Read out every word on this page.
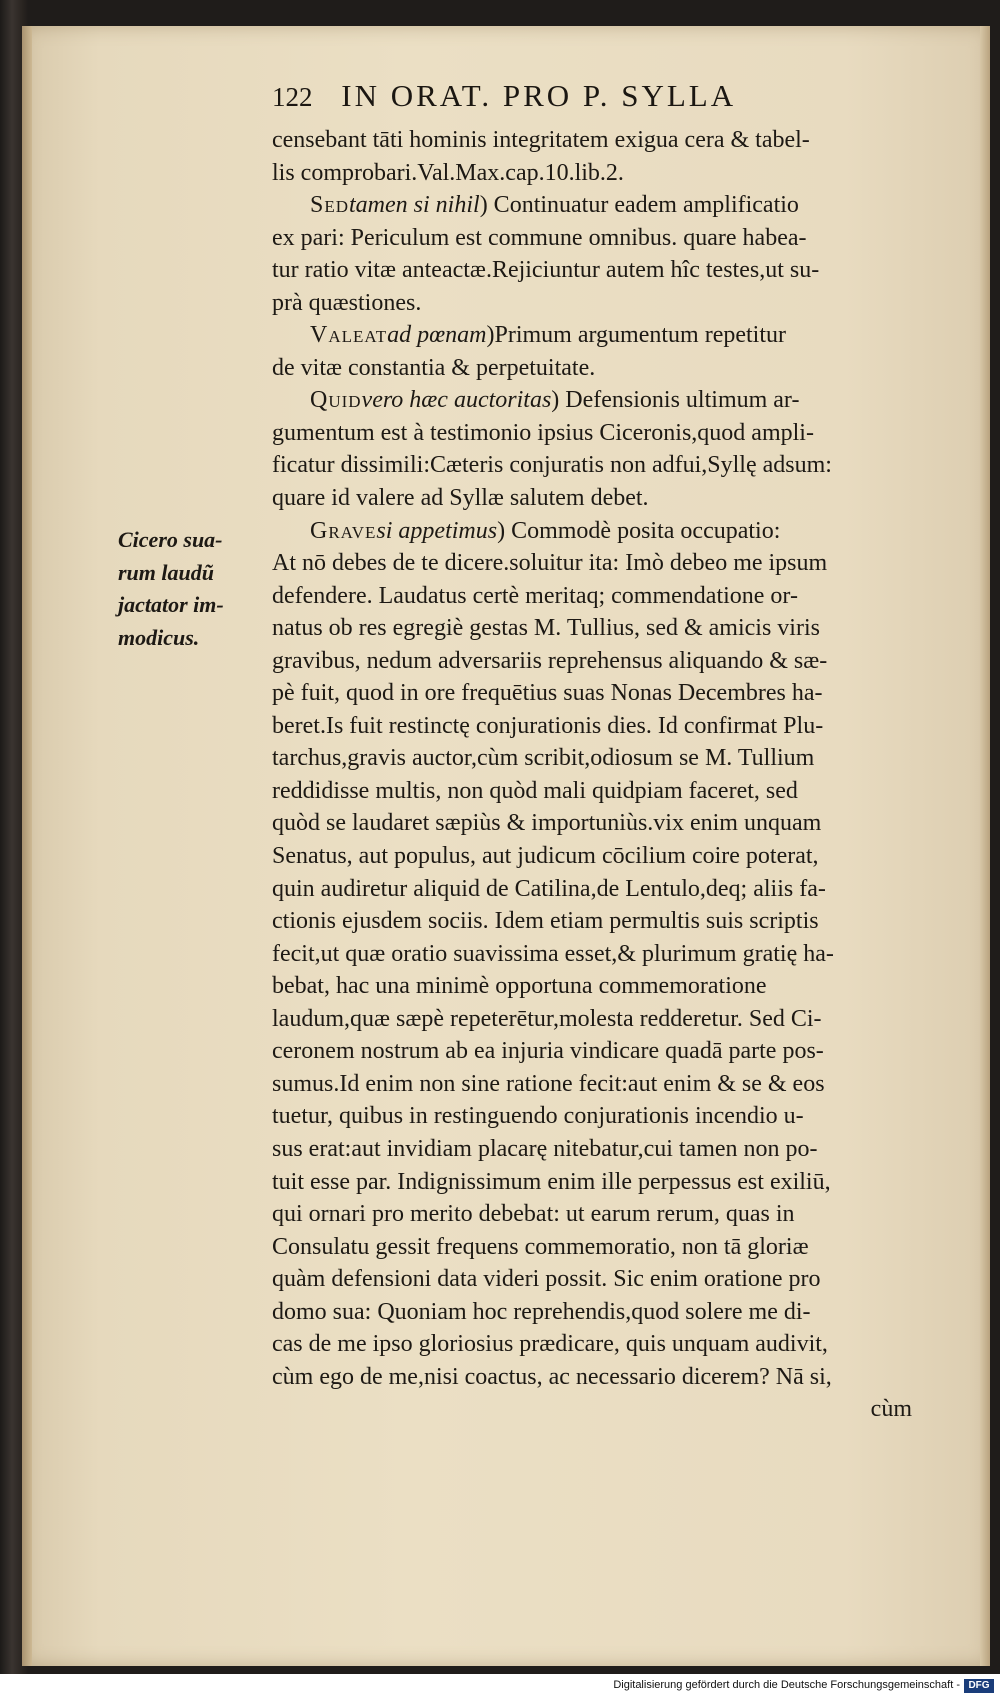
122 IN ORAT. PRO P. SYLLA
Cicero sua-
rum laudũ
jactator im-
modicus.
censebant tāti hominis integritatem exigua cera & tabel-
lis comprobari.Val.Max.cap.10.lib.2.
Sedtamen si nihil) Continuatur eadem amplificatio
ex pari: Periculum est commune omnibus. quare habea-
tur ratio vitæ anteactæ.Rejiciuntur autem hîc testes,ut su-
prà quæstiones.
Valeatad pœnam)Primum argumentum repetitur
de vitæ constantia & perpetuitate.
Quidvero hæc auctoritas) Defensionis ultimum ar-
gumentum est à testimonio ipsius Ciceronis,quod ampli-
ficatur dissimili:Cæteris conjuratis non adfui,Syllę adsum:
quare id valere ad Syllæ salutem debet.
Gravesi appetimus) Commodè posita occupatio:
At nō debes de te dicere.soluitur ita: Imò debeo me ipsum
defendere. Laudatus certè meritaq; commendatione or-
natus ob res egregiè gestas M. Tullius, sed & amicis viris
gravibus, nedum adversariis reprehensus aliquando & sæ-
pè fuit, quod in ore frequētius suas Nonas Decembres ha-
beret.Is fuit restinctę conjurationis dies. Id confirmat Plu-
tarchus,gravis auctor,cùm scribit,odiosum se M. Tullium
reddidisse multis, non quòd mali quidpiam faceret, sed
quòd se laudaret sæpiùs & importuniùs.vix enim unquam
Senatus, aut populus, aut judicum cōcilium coire poterat,
quin audiretur aliquid de Catilina,de Lentulo,deq; aliis fa-
ctionis ejusdem sociis. Idem etiam permultis suis scriptis
fecit,ut quæ oratio suavissima esset,& plurimum gratię ha-
bebat, hac una minimè opportuna commemoratione
laudum,quæ sæpè repeterētur,molesta redderetur. Sed Ci-
ceronem nostrum ab ea injuria vindicare quadā parte pos-
sumus.Id enim non sine ratione fecit:aut enim & se & eos
tuetur, quibus in restinguendo conjurationis incendio u-
sus erat:aut invidiam placarę nitebatur,cui tamen non po-
tuit esse par. Indignissimum enim ille perpessus est exiliū,
qui ornari pro merito debebat: ut earum rerum, quas in
Consulatu gessit frequens commemoratio, non tā gloriæ
quàm defensioni data videri possit. Sic enim oratione pro
domo sua: Quoniam hoc reprehendis,quod solere me di-
cas de me ipso gloriosius prædicare, quis unquam audivit,
cùm ego de me,nisi coactus, ac necessario dicerem? Nā si,
cùm
Digitalisierung gefördert durch die Deutsche Forschungsgemeinschaft - DFG
